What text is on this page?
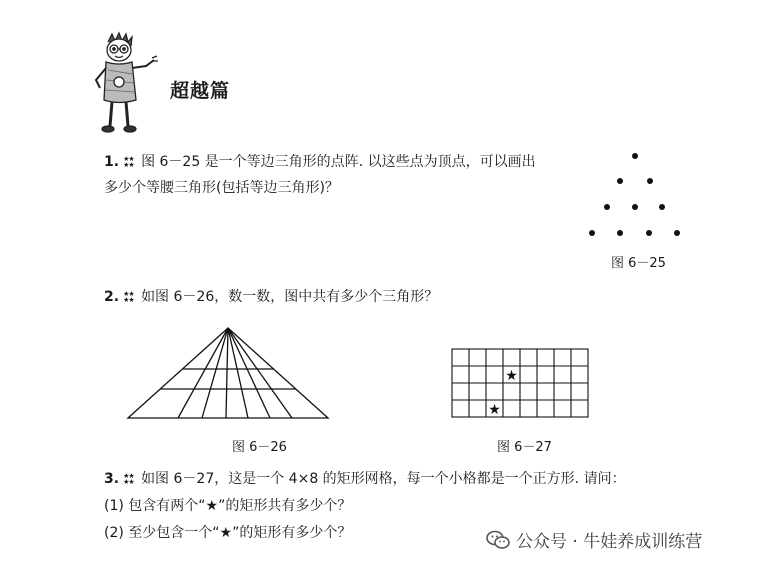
超越篇
1. ★★
★★ 图 6－25 是一个等边三角形的点阵. 以这些点为顶点，可以画出
多少个等腰三角形(包括等边三角形)？
图 6－25
2. ★★
★★ 如图 6－26，数一数，图中共有多少个三角形？
图 6－26
★
★
图 6－27
3. ★★
★★ 如图 6－27，这是一个 4×8 的矩形网格，每一个小格都是一个正方形. 请问：
(1) 包含有两个“★”的矩形共有多少个？
(2) 至少包含一个“★”的矩形有多少个？	公众号 · 牛娃养成训练营
